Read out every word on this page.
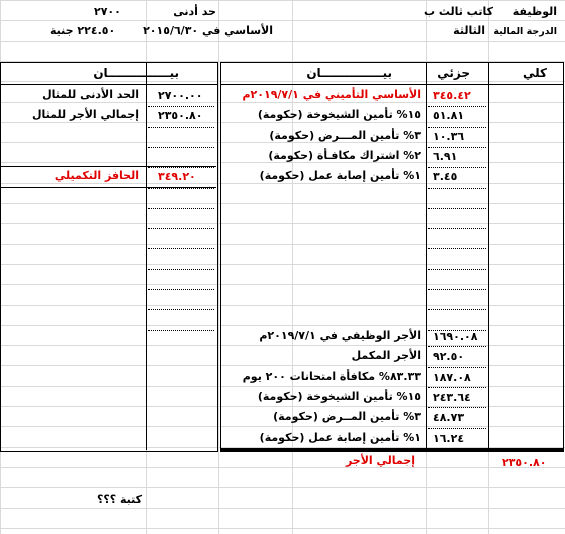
الوظيفة
كاتب ثالث ب
الدرجة المالية
الثالثة
حد أدنى
٢٧٠٠
الأساسي في ٢٠١٥/٦/٣٠
٢٢٤.٥٠ جنية
كلي
جزئي
بيـــــــــــــــان
بيـــــــــــــــان
الأساسي التأميني في ٢٠١٩/٧/١م ٣٤٥.٤٢
١٥% تأمين الشيخوخة (حكومة) ٥١.٨١
٣% تأمين المـــرض (حكومة) ١٠.٣٦
٢% اشتراك مكافـأة (حكومة) ٦.٩١
١% تأمين إصابة عمل (حكومة) ٣.٤٥
الحد الأدنى للمثال ٢٧٠٠.٠٠
إجمالي الأجر للمثال ٢٣٥٠.٨٠
الحافز التكميلي ٣٤٩.٢٠
الأجر الوظيفي في ٢٠١٩/٧/١م ١٦٩٠.٠٨
الأجر المكمل ٩٢.٥٠
٨٣.٣٣% مكافأة امتحانات ٢٠٠ يوم ١٨٧.٠٨
١٥% تأمين الشيخوخة (حكومة) ٢٤٣.٦٤
٣% تأمين المــرض (حكومة) ٤٨.٧٣
١% تأمين إصابة عمل (حكومة) ١٦.٢٤
٢٣٥٠.٨٠
إجمالي الأجر
كتبة ؟؟؟
